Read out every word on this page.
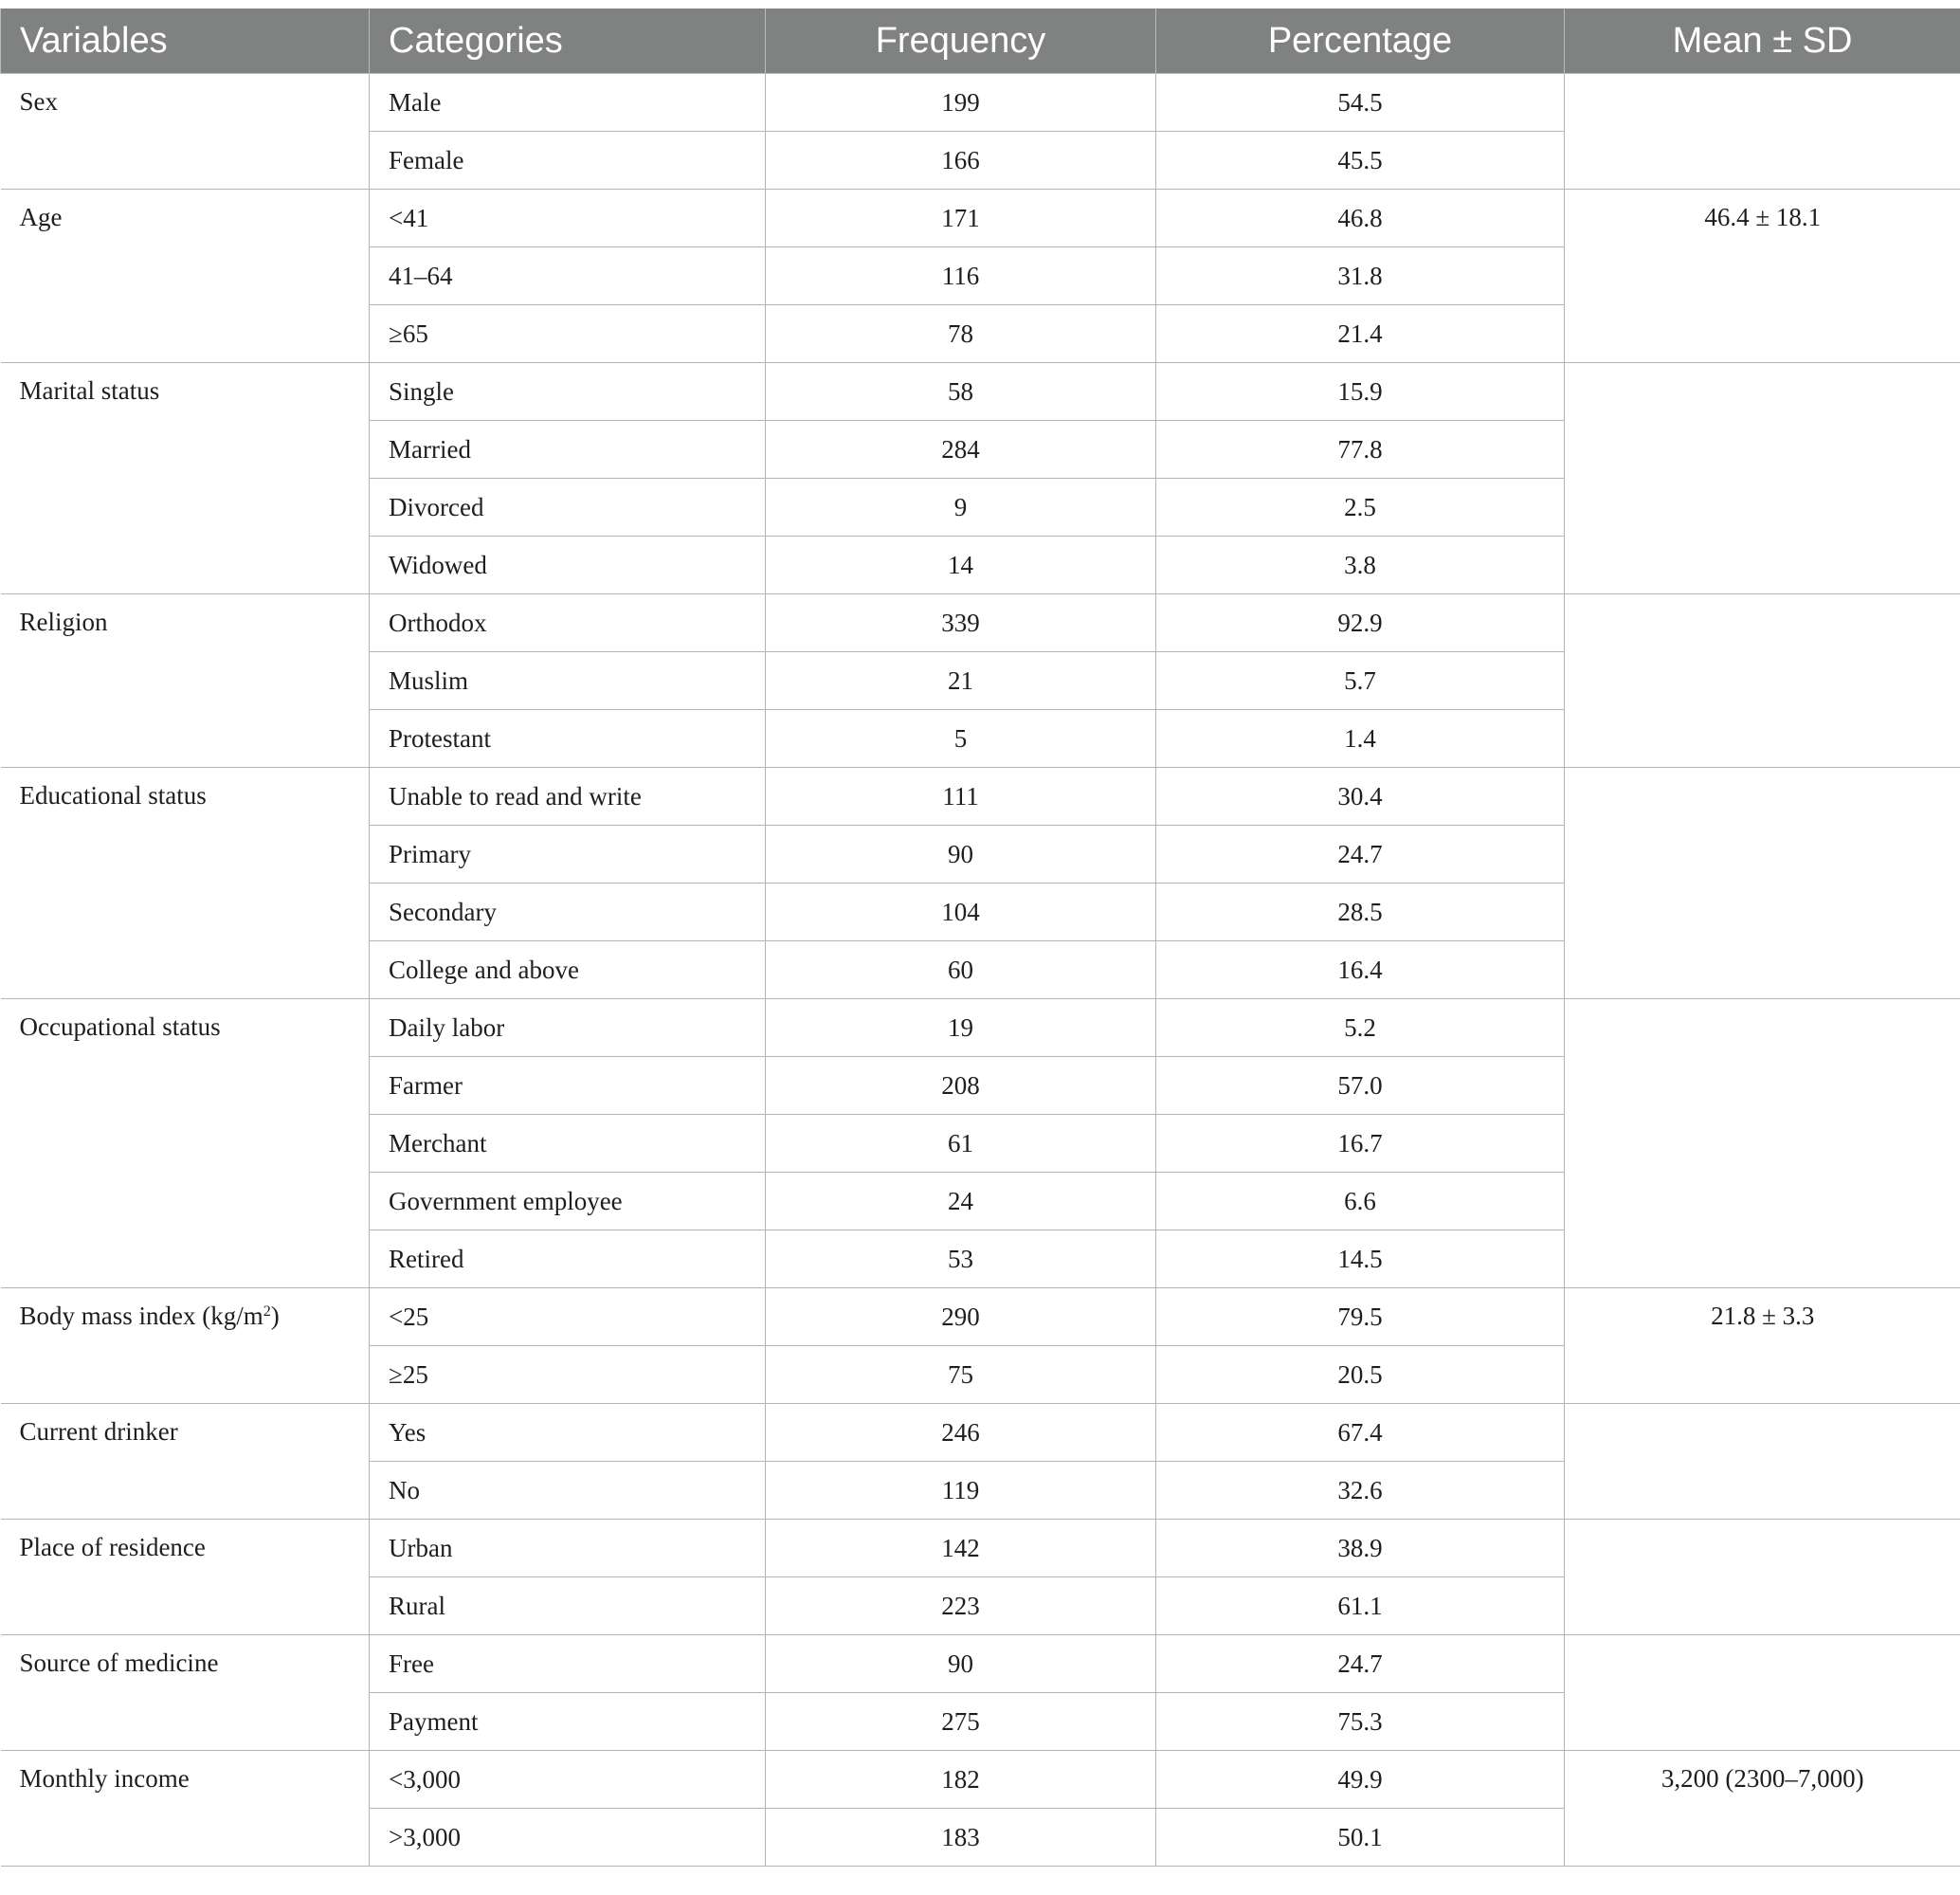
Variables	Categories	Frequency	Percentage	Mean ± SD
Sex	Male	199	54.5	
	Female	166	45.5	
Age	<41	171	46.8	46.4 ± 18.1
	41–64	116	31.8	
	≥65	78	21.4	
Marital status	Single	58	15.9	
	Married	284	77.8	
	Divorced	9	2.5	
	Widowed	14	3.8	
Religion	Orthodox	339	92.9	
	Muslim	21	5.7	
	Protestant	5	1.4	
Educational status	Unable to read and write	111	30.4	
	Primary	90	24.7	
	Secondary	104	28.5	
	College and above	60	16.4	
Occupational status	Daily labor	19	5.2	
	Farmer	208	57.0	
	Merchant	61	16.7	
	Government employee	24	6.6	
	Retired	53	14.5	
Body mass index $(kg/m^2)$	<25	290	79.5	21.8 ± 3.3
	≥25	75	20.5	
Current drinker	Yes	246	67.4	
	No	119	32.6	
Place of residence	Urban	142	38.9	
	Rural	223	61.1	
Source of medicine	Free	90	24.7	
	Payment	275	75.3	
Monthly income	<3,000	182	49.9	3,200 (2300–7,000)
	>3,000	183	50.1	
